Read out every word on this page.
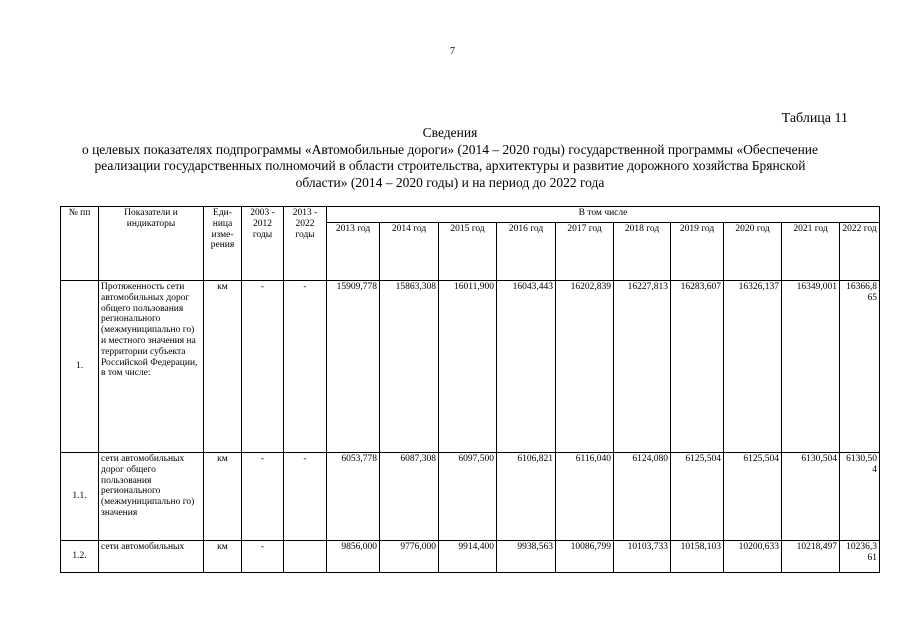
7
Таблица 11
Сведения
о целевых показателях подпрограммы «Автомобильные дороги» (2014 – 2020 годы) государственной программы «Обеспечение
реализации государственных полномочий в области строительства, архитектуры и развитие дорожного хозяйства Брянской
области» (2014 – 2020 годы) и на период до 2022 года
№ пп	Показатели и индикаторы	Еди-ница изме-рения	2003 - 2012 годы	2013 - 2022 годы	В том числе									
					2013 год	2014 год	2015 год	2016 год	2017 год	2018 год	2019 год	2020 год	2021 год	2022 год
1.	Протяженность сети автомобильных дорог общего пользования регионального (межмуниципально го) и местного значения на территории субъекта Российской Федерации, в том числе:	км	-	-	15909,778	15863,308	16011,900	16043,443	16202,839	16227,813	16283,607	16326,137	16349,001	16366,865
1.1.	сети автомобильных дорог общего пользования регионального (межмуниципально го) значения	км	-	-	6053,778	6087,308	6097,500	6106,821	6116,040	6124,080	6125,504	6125,504	6130,504	6130,504
1.2.	сети автомобильных	км	-		9856,000	9776,000	9914,400	9938,563	10086,799	10103,733	10158,103	10200,633	10218,497	10236,361
